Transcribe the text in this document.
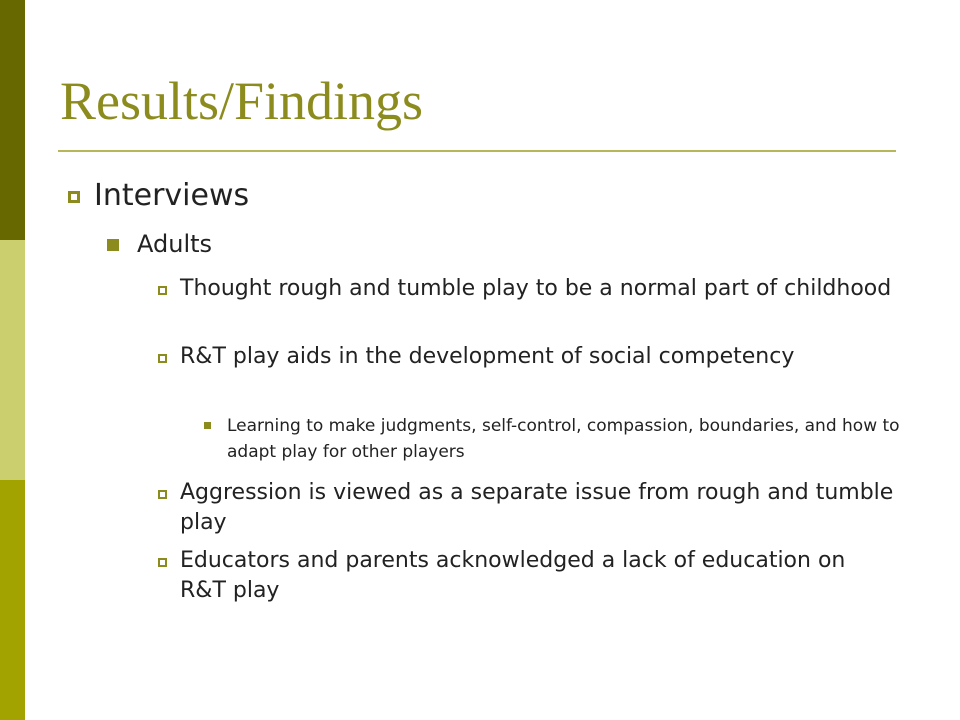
Results/Findings
Interviews
Adults
Thought rough and tumble play to be a normal part of childhood
R&T play aids in the development of social competency
Learning to make judgments, self-control, compassion, boundaries, and how to adapt play for other players
Aggression is viewed as a separate issue from rough and tumble play
Educators and parents acknowledged a lack of education on R&T play
